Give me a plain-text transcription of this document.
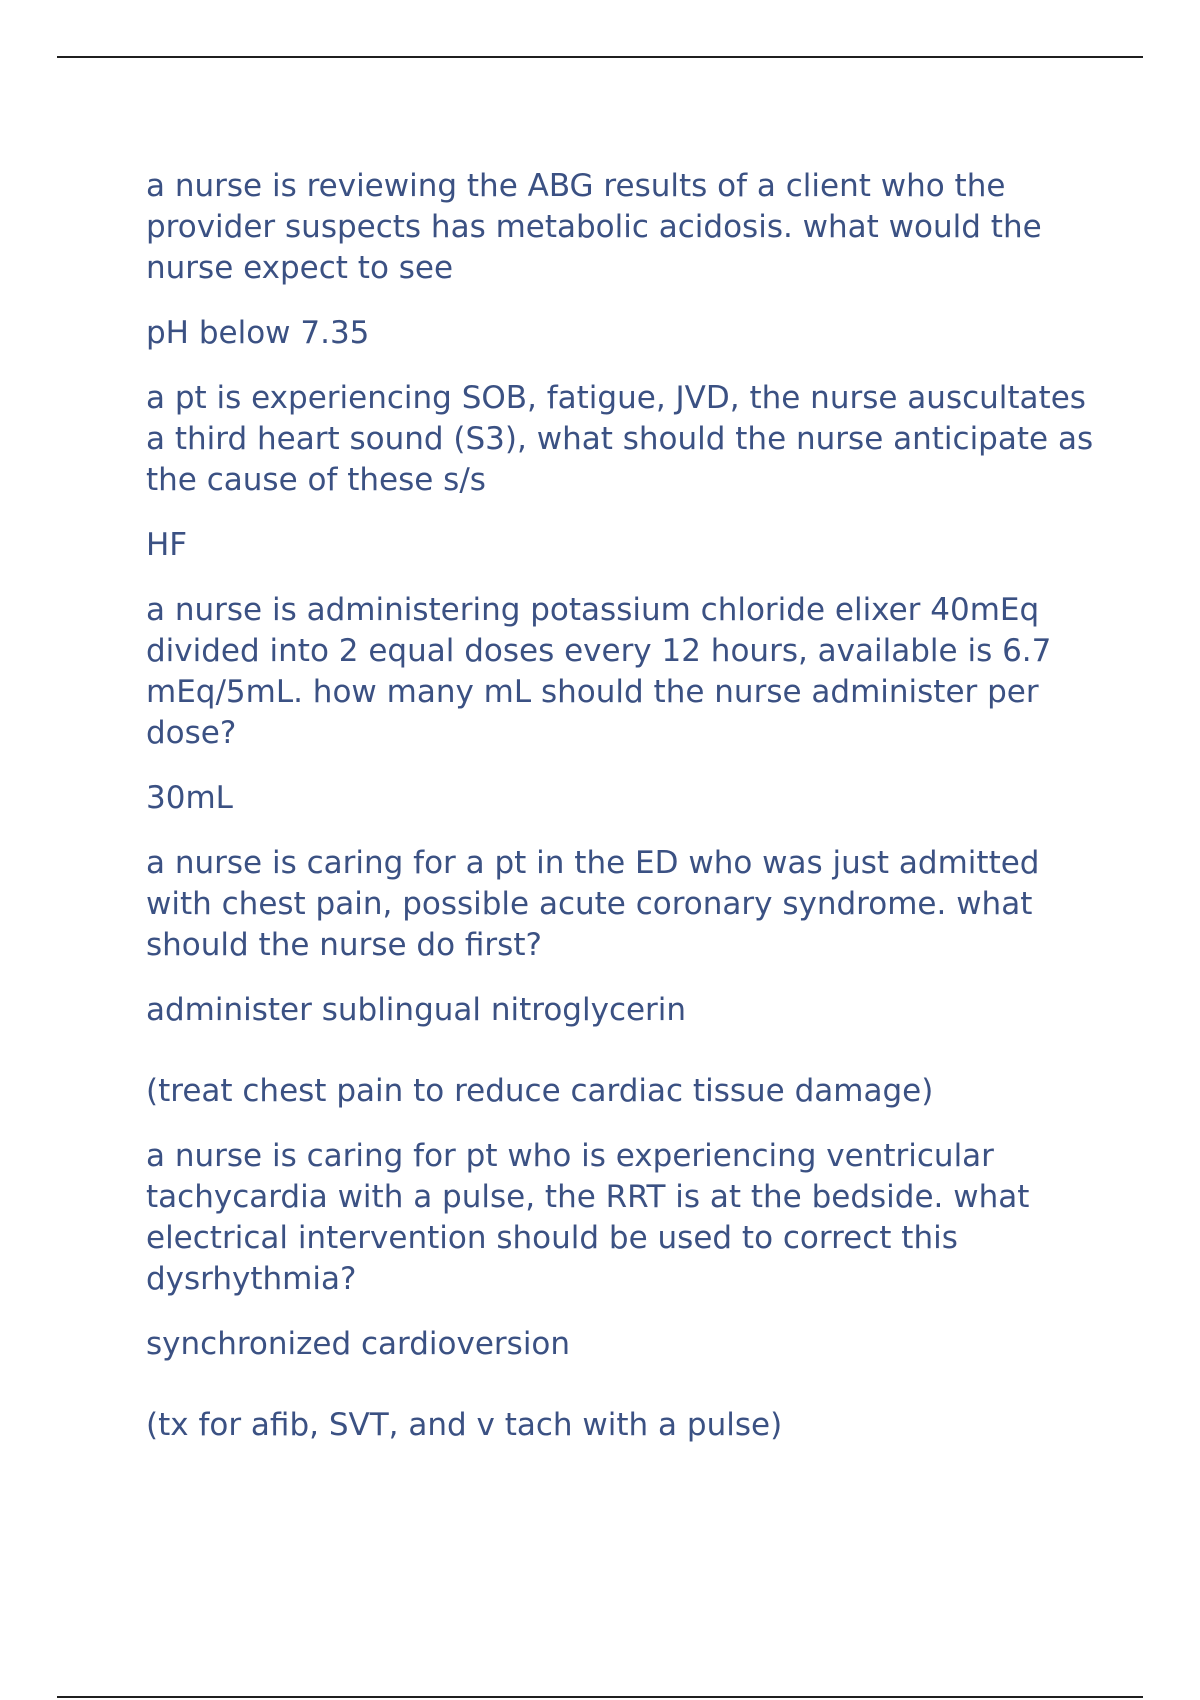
a nurse is reviewing the ABG results of a client who the provider suspects has metabolic acidosis. what would the nurse expect to see

pH below 7.35

a pt is experiencing SOB, fatigue, JVD, the nurse auscultates a third heart sound (S3), what should the nurse anticipate as the cause of these s/s

HF

a nurse is administering potassium chloride elixer 40mEq divided into 2 equal doses every 12 hours, available is 6.7 mEq/5mL. how many mL should the nurse administer per dose?

30mL

a nurse is caring for a pt in the ED who was just admitted with chest pain, possible acute coronary syndrome. what should the nurse do first?

administer sublingual nitroglycerin
(treat chest pain to reduce cardiac tissue damage)

a nurse is caring for pt who is experiencing ventricular tachycardia with a pulse, the RRT is at the bedside. what electrical intervention should be used to correct this dysrhythmia?

synchronized cardioversion
(tx for afib, SVT, and v tach with a pulse)
